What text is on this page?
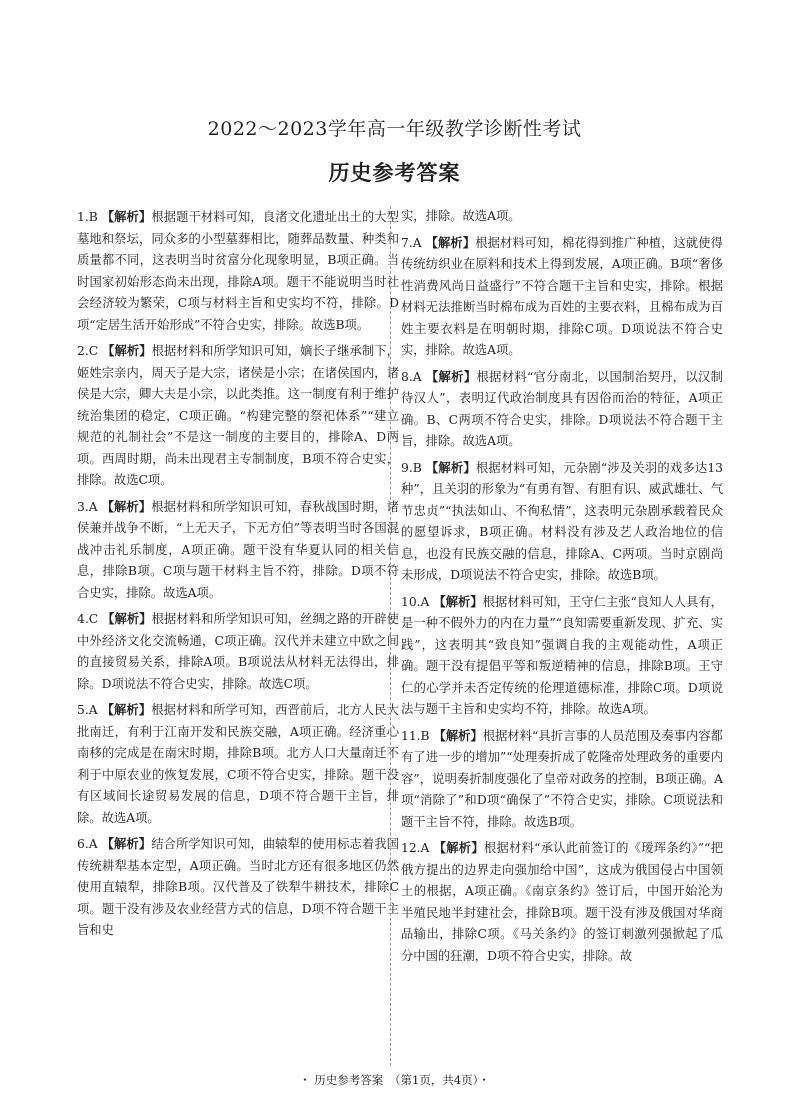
2022～2023学年高一年级教学诊断性考试
历史参考答案

1.B 【解析】根据题干材料可知，良渚文化遗址出土的大型墓地和祭坛，同众多的小型墓葬相比，随葬品数量、种类和质量都不同，这表明当时贫富分化现象明显，B项正确。当时国家初始形态尚未出现，排除A项。题干不能说明当时社会经济较为繁荣，C项与材料主旨和史实均不符，排除。D项“定居生活开始形成”不符合史实，排除。故选B项。

2.C 【解析】根据材料和所学知识可知，嫡长子继承制下，姬姓宗亲内，周天子是大宗，诸侯是小宗；在诸侯国内，诸侯是大宗，卿大夫是小宗，以此类推。这一制度有利于维护统治集团的稳定，C项正确。“构建完整的祭祀体系”“建立规范的礼制社会”不是这一制度的主要目的，排除A、D两项。西周时期，尚未出现君主专制制度，B项不符合史实，排除。故选C项。

3.A 【解析】根据材料和所学知识可知，春秋战国时期，诸侯兼并战争不断，“上无天子，下无方伯”等表明当时各国混战冲击礼乐制度，A项正确。题干没有华夏认同的相关信息，排除B项。C项与题干材料主旨不符，排除。D项不符合史实，排除。故选A项。

4.C 【解析】根据材料和所学知识可知，丝绸之路的开辟使中外经济文化交流畅通，C项正确。汉代并未建立中欧之间的直接贸易关系，排除A项。B项说法从材料无法得出，排除。D项说法不符合史实，排除。故选C项。

5.A 【解析】根据材料和所学可知，西晋前后，北方人民大批南迁，有利于江南开发和民族交融，A项正确。经济重心南移的完成是在南宋时期，排除B项。北方人口大量南迁不利于中原农业的恢复发展，C项不符合史实，排除。题干没有区域间长途贸易发展的信息，D项不符合题干主旨，排除。故选A项。

6.A 【解析】结合所学知识可知，曲辕犁的使用标志着我国传统耕犁基本定型，A项正确。当时北方还有很多地区仍然使用直辕犁，排除B项。汉代普及了铁犁牛耕技术，排除C项。题干没有涉及农业经营方式的信息，D项不符合题干主旨和史

实，排除。故选A项。

7.A 【解析】根据材料可知，棉花得到推广种植，这就使得传统纺织业在原料和技术上得到发展，A项正确。B项“奢侈性消费风尚日益盛行”不符合题干主旨和史实，排除。根据材料无法推断当时棉布成为百姓的主要衣料，且棉布成为百姓主要衣料是在明朝时期，排除C项。D项说法不符合史实，排除。故选A项。

8.A 【解析】根据材料“官分南北，以国制治契丹，以汉制待汉人”，表明辽代政治制度具有因俗而治的特征，A项正确。B、C两项不符合史实，排除。D项说法不符合题干主旨，排除。故选A项。

9.B 【解析】根据材料可知，元杂剧“涉及关羽的戏多达13种”，且关羽的形象为“有勇有智、有胆有识、威武雄壮、气节忠贞”“执法如山、不徇私情”，这表明元杂剧承载着民众的愿望诉求，B项正确。材料没有涉及艺人政治地位的信息，也没有民族交融的信息，排除A、C两项。当时京剧尚未形成，D项说法不符合史实，排除。故选B项。

10.A 【解析】根据材料可知，王守仁主张“良知人人具有，是一种不假外力的内在力量”“良知需要重新发现、扩充、实践”，这表明其“致良知”强调自我的主观能动性，A项正确。题干没有提倡平等和叛逆精神的信息，排除B项。王守仁的心学并未否定传统的伦理道德标准，排除C项。D项说法与题干主旨和史实均不符，排除。故选A项。

11.B 【解析】根据材料“具折言事的人员范围及奏事内容都有了进一步的增加”“处理奏折成了乾隆帝处理政务的重要内容”，说明奏折制度强化了皇帝对政务的控制，B项正确。A项“消除了”和D项“确保了”不符合史实，排除。C项说法和题干主旨不符，排除。故选B项。

12.A 【解析】根据材料“承认此前签订的《瑷珲条约》”“把俄方提出的边界走向强加给中国”，这成为俄国侵占中国领土的根据，A项正确。《南京条约》签订后，中国开始沦为半殖民地半封建社会，排除B项。题干没有涉及俄国对华商品输出，排除C项。《马关条约》的签订刺激列强掀起了瓜分中国的狂潮，D项不符合史实，排除。故

・ 历史参考答案　（第1页，共4页）・
